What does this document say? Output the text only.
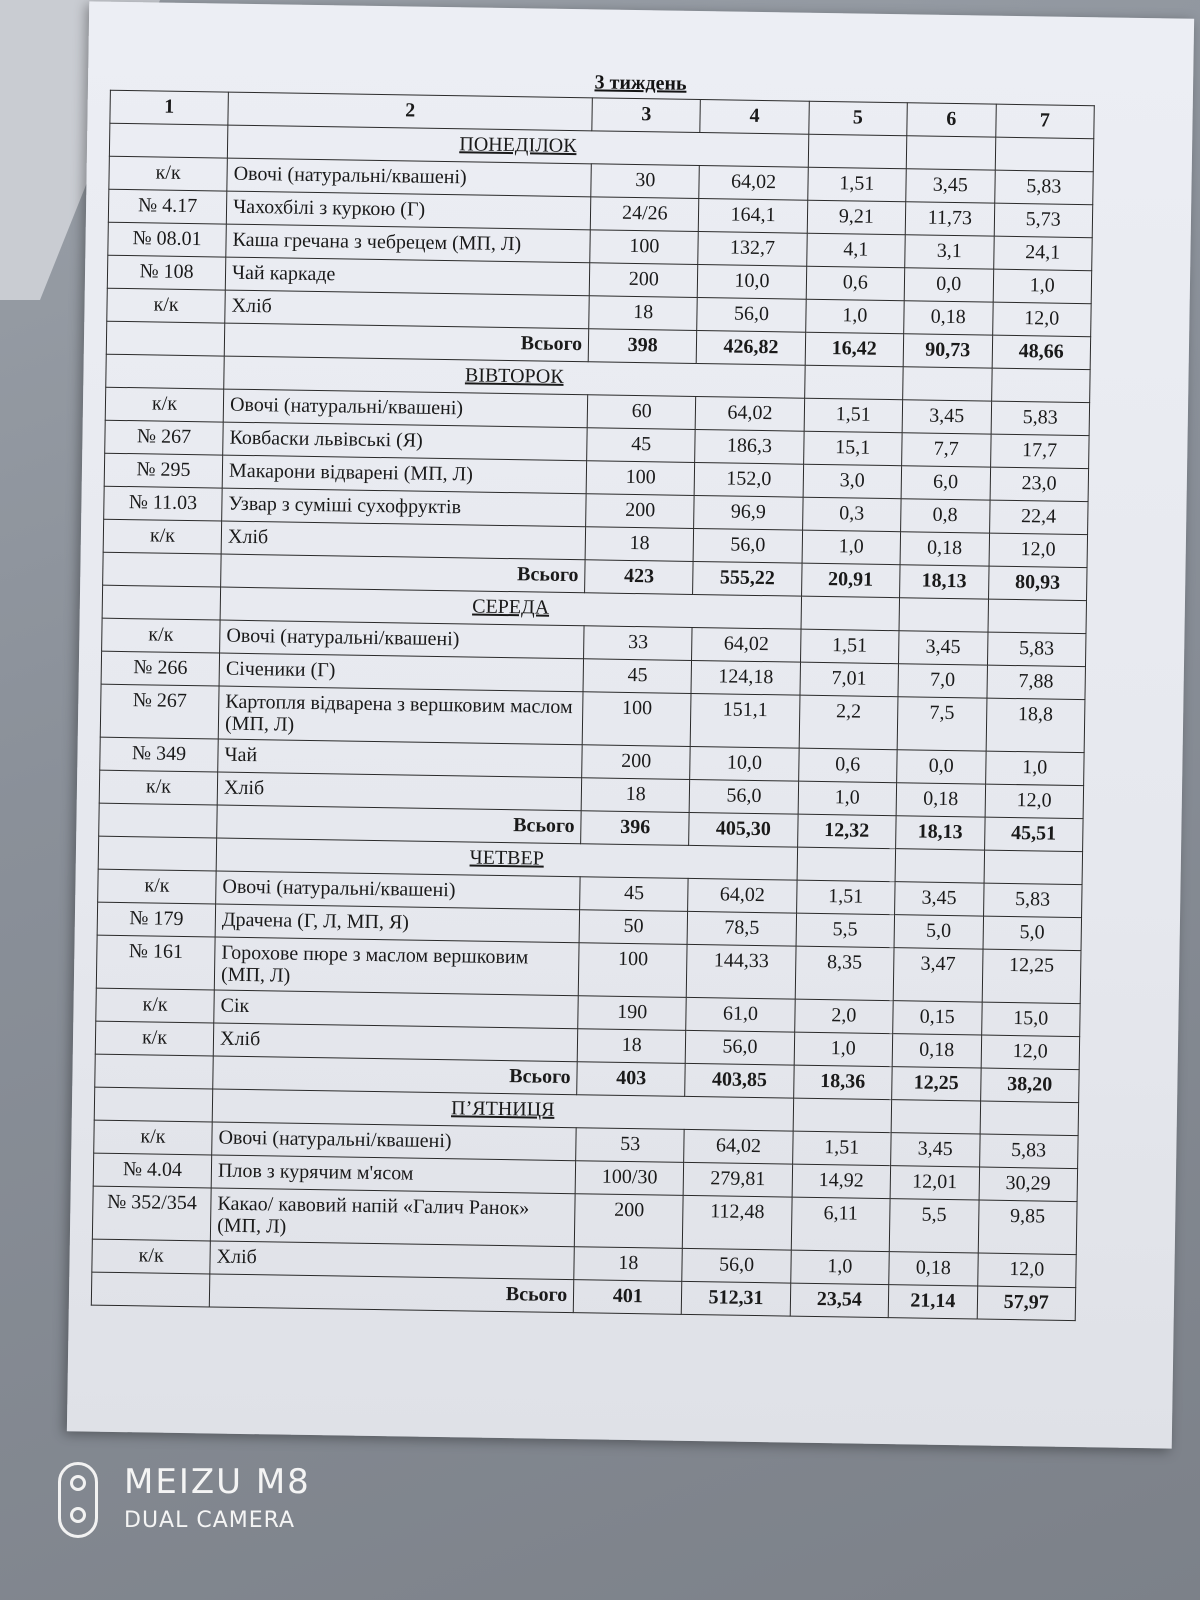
3 тиждень
1	2	3	4	5	6	7
	ПОНЕДІЛОК					
к/к	Овочі (натуральні/квашені)	30	64,02	1,51	3,45	5,83
№ 4.17	Чахохбілі з куркою (Г)	24/26	164,1	9,21	11,73	5,73
№ 08.01	Каша гречана з чебрецем (МП, Л)	100	132,7	4,1	3,1	24,1
№ 108	Чай каркаде	200	10,0	0,6	0,0	1,0
к/к	Хліб	18	56,0	1,0	0,18	12,0
	Всього	398	426,82	16,42	90,73	48,66
	ВІВТОРОК					
к/к	Овочі (натуральні/квашені)	60	64,02	1,51	3,45	5,83
№ 267	Ковбаски львівські (Я)	45	186,3	15,1	7,7	17,7
№ 295	Макарони відварені (МП, Л)	100	152,0	3,0	6,0	23,0
№ 11.03	Узвар з суміші сухофруктів	200	96,9	0,3	0,8	22,4
к/к	Хліб	18	56,0	1,0	0,18	12,0
	Всього	423	555,22	20,91	18,13	80,93
	СЕРЕДА					
к/к	Овочі (натуральні/квашені)	33	64,02	1,51	3,45	5,83
№ 266	Січеники (Г)	45	124,18	7,01	7,0	7,88
№ 267	Картопля відварена з вершковим маслом (МП, Л)	100	151,1	2,2	7,5	18,8
№ 349	Чай	200	10,0	0,6	0,0	1,0
к/к	Хліб	18	56,0	1,0	0,18	12,0
	Всього	396	405,30	12,32	18,13	45,51
	ЧЕТВЕР					
к/к	Овочі (натуральні/квашені)	45	64,02	1,51	3,45	5,83
№ 179	Драчена (Г, Л, МП, Я)	50	78,5	5,5	5,0	5,0
№ 161	Горохове пюре з маслом вершковим (МП, Л)	100	144,33	8,35	3,47	12,25
к/к	Сік	190	61,0	2,0	0,15	15,0
к/к	Хліб	18	56,0	1,0	0,18	12,0
	Всього	403	403,85	18,36	12,25	38,20
	П’ЯТНИЦЯ					
к/к	Овочі (натуральні/квашені)	53	64,02	1,51	3,45	5,83
№ 4.04	Плов з курячим м'ясом	100/30	279,81	14,92	12,01	30,29
№ 352/354	Какао/ кавовий напій «Галич Ранок» (МП, Л)	200	112,48	6,11	5,5	9,85
к/к	Хліб	18	56,0	1,0	0,18	12,0
	Всього	401	512,31	23,54	21,14	57,97
MEIZU M8
DUAL CAMERA
